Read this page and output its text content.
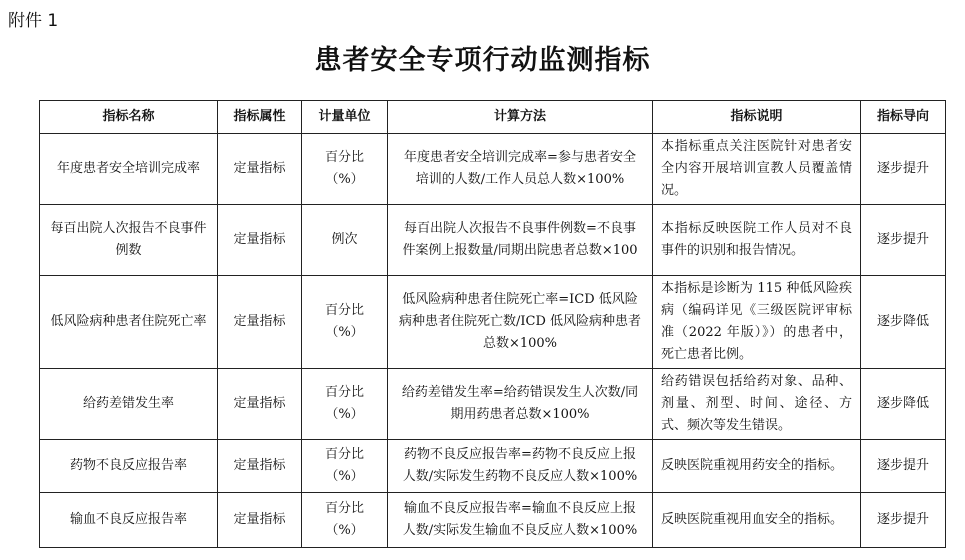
附件 1
患者安全专项行动监测指标
指标名称	指标属性	计量单位	计算方法	指标说明	指标导向
年度患者安全培训完成率	定量指标	百分比（%）	年度患者安全培训完成率=参与患者安全培训的人数/工作人员总人数×100%	本指标重点关注医院针对患者安全内容开展培训宣教人员覆盖情况。	逐步提升
每百出院人次报告不良事件例数	定量指标	例次	每百出院人次报告不良事件例数=不良事件案例上报数量/同期出院患者总数×100	本指标反映医院工作人员对不良事件的识别和报告情况。	逐步提升
低风险病种患者住院死亡率	定量指标	百分比（%）	低风险病种患者住院死亡率=ICD 低风险病种患者住院死亡数/ICD 低风险病种患者总数×100%	本指标是诊断为 115 种低风险疾病（编码详见《三级医院评审标准（2022 年版）》）的患者中，死亡患者比例。	逐步降低
给药差错发生率	定量指标	百分比（%）	给药差错发生率=给药错误发生人次数/同期用药患者总数×100%	给药错误包括给药对象、品种、剂量、剂型、时间、途径、方式、频次等发生错误。	逐步降低
药物不良反应报告率	定量指标	百分比（%）	药物不良反应报告率=药物不良反应上报人数/实际发生药物不良反应人数×100%	反映医院重视用药安全的指标。	逐步提升
输血不良反应报告率	定量指标	百分比（%）	输血不良反应报告率=输血不良反应上报人数/实际发生输血不良反应人数×100%	反映医院重视用血安全的指标。	逐步提升
